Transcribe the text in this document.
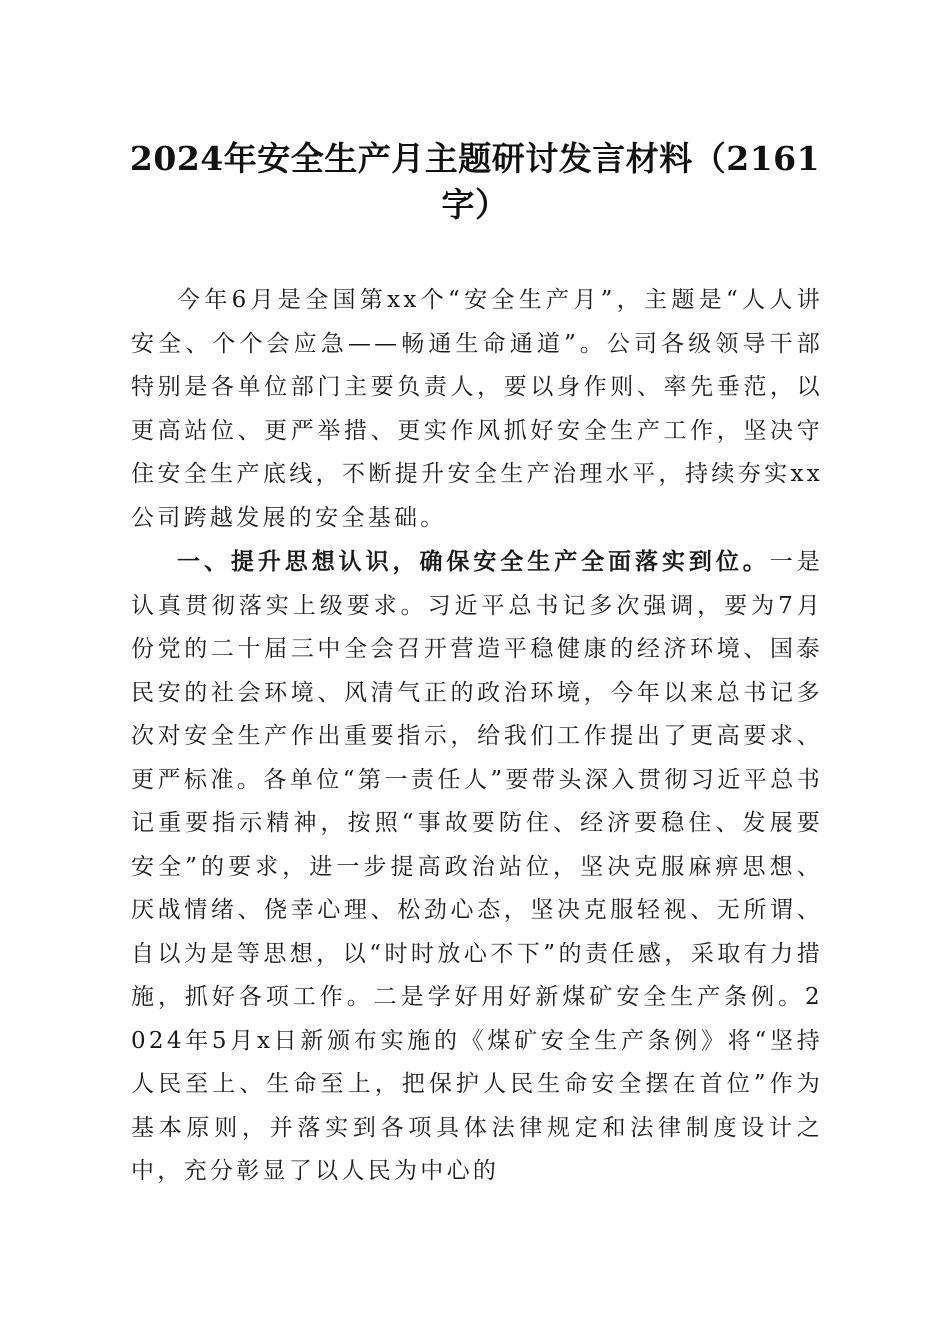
2024年安全生产月主题研讨发言材料（2161字）

今年6月是全国第xx个“安全生产月”，主题是“人人讲安全、个个会应急——畅通生命通道”。公司各级领导干部特别是各单位部门主要负责人，要以身作则、率先垂范，以更高站位、更严举措、更实作风抓好安全生产工作，坚决守住安全生产底线，不断提升安全生产治理水平，持续夯实xx公司跨越发展的安全基础。

一、提升思想认识，确保安全生产全面落实到位。一是认真贯彻落实上级要求。习近平总书记多次强调，要为7月份党的二十届三中全会召开营造平稳健康的经济环境、国泰民安的社会环境、风清气正的政治环境，今年以来总书记多次对安全生产作出重要指示，给我们工作提出了更高要求、更严标准。各单位“第一责任人”要带头深入贯彻习近平总书记重要指示精神，按照“事故要防住、经济要稳住、发展要安全”的要求，进一步提高政治站位，坚决克服麻痹思想、厌战情绪、侥幸心理、松劲心态，坚决克服轻视、无所谓、自以为是等思想，以“时时放心不下”的责任感，采取有力措施，抓好各项工作。二是学好用好新煤矿安全生产条例。2024年5月x日新颁布实施的《煤矿安全生产条例》将“坚持人民至上、生命至上，把保护人民生命安全摆在首位”作为基本原则，并落实到各项具体法律规定和法律制度设计之中，充分彰显了以人民为中心的
